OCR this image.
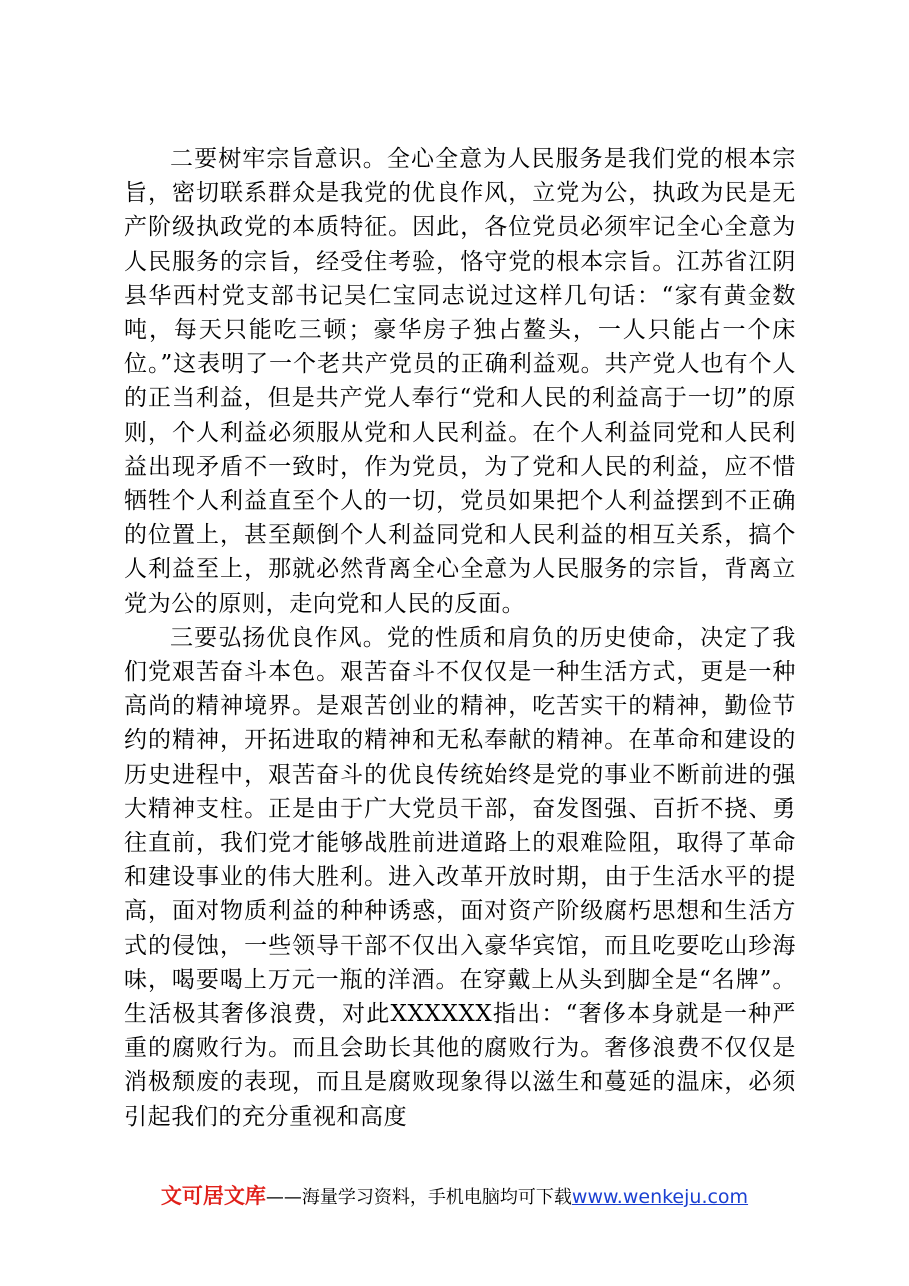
二要树牢宗旨意识。全心全意为人民服务是我们党的根本宗旨，密切联系群众是我党的优良作风，立党为公，执政为民是无产阶级执政党的本质特征。因此，各位党员必须牢记全心全意为人民服务的宗旨，经受住考验，恪守党的根本宗旨。江苏省江阴县华西村党支部书记吴仁宝同志说过这样几句话：“家有黄金数吨，每天只能吃三顿；豪华房子独占鳌头，一人只能占一个床位。”这表明了一个老共产党员的正确利益观。共产党人也有个人的正当利益，但是共产党人奉行“党和人民的利益高于一切”的原则，个人利益必须服从党和人民利益。在个人利益同党和人民利益出现矛盾不一致时，作为党员，为了党和人民的利益，应不惜牺牲个人利益直至个人的一切，党员如果把个人利益摆到不正确的位置上，甚至颠倒个人利益同党和人民利益的相互关系，搞个人利益至上，那就必然背离全心全意为人民服务的宗旨，背离立党为公的原则，走向党和人民的反面。

三要弘扬优良作风。党的性质和肩负的历史使命，决定了我们党艰苦奋斗本色。艰苦奋斗不仅仅是一种生活方式，更是一种高尚的精神境界。是艰苦创业的精神，吃苦实干的精神，勤俭节约的精神，开拓进取的精神和无私奉献的精神。在革命和建设的历史进程中，艰苦奋斗的优良传统始终是党的事业不断前进的强大精神支柱。正是由于广大党员干部，奋发图强、百折不挠、勇往直前，我们党才能够战胜前进道路上的艰难险阻，取得了革命和建设事业的伟大胜利。进入改革开放时期，由于生活水平的提高，面对物质利益的种种诱惑，面对资产阶级腐朽思想和生活方式的侵蚀，一些领导干部不仅出入豪华宾馆，而且吃要吃山珍海味，喝要喝上万元一瓶的洋酒。在穿戴上从头到脚全是“名牌”。生活极其奢侈浪费，对此XXXXXX指出：“奢侈本身就是一种严重的腐败行为。而且会助长其他的腐败行为。奢侈浪费不仅仅是消极颓废的表现，而且是腐败现象得以滋生和蔓延的温床，必须引起我们的充分重视和高度

文可居文库——海量学习资料，手机电脑均可下载www.wenkeju.com
